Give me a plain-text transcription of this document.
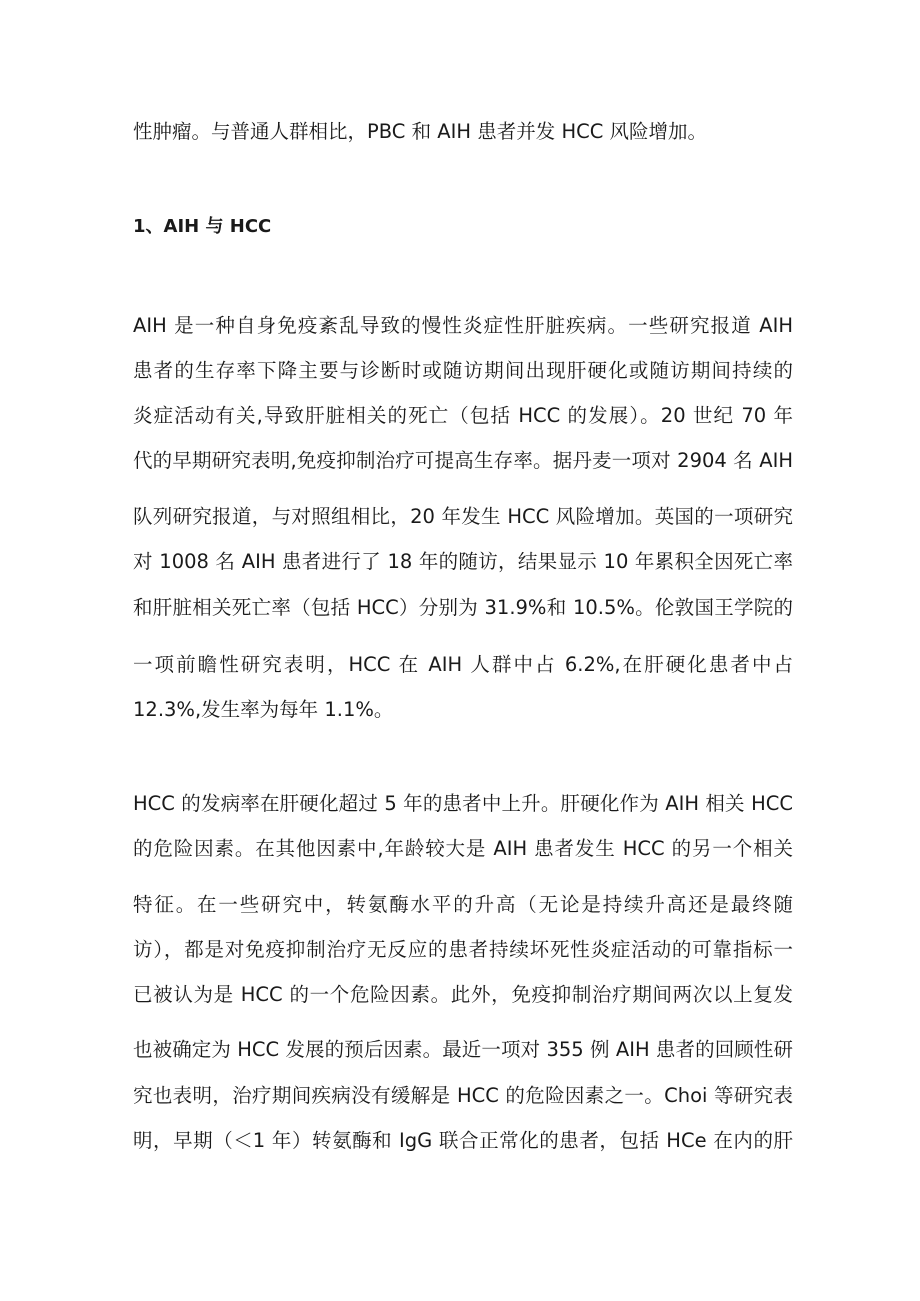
性肿瘤。与普通人群相比，PBC 和 AIH 患者并发 HCC 风险增加。
1、AIH 与 HCC
AIH 是一种自身免疫紊乱导致的慢性炎症性肝脏疾病。一些研究报道 AIH
患者的生存率下降主要与诊断时或随访期间出现肝硬化或随访期间持续的
炎症活动有关,导致肝脏相关的死亡（包括 HCC 的发展）。20 世纪 70 年
代的早期研究表明,免疫抑制治疗可提高生存率。据丹麦一项对 2904 名 AIH
队列研究报道，与对照组相比，20 年发生 HCC 风险增加。英国的一项研究
对 1008 名 AIH 患者进行了 18 年的随访，结果显示 10 年累积全因死亡率
和肝脏相关死亡率（包括 HCC）分别为 31.9%和 10.5%。伦敦国王学院的
一项前瞻性研究表明，HCC 在 AIH 人群中占 6.2%,在肝硬化患者中占
12.3%,发生率为每年 1.1%。
HCC 的发病率在肝硬化超过 5 年的患者中上升。肝硬化作为 AIH 相关 HCC
的危险因素。在其他因素中,年龄较大是 AIH 患者发生 HCC 的另一个相关
特征。在一些研究中，转氨酶水平的升高（无论是持续升高还是最终随
访），都是对免疫抑制治疗无反应的患者持续坏死性炎症活动的可靠指标一
已被认为是 HCC 的一个危险因素。此外，免疫抑制治疗期间两次以上复发
也被确定为 HCC 发展的预后因素。最近一项对 355 例 AIH 患者的回顾性研
究也表明，治疗期间疾病没有缓解是 HCC 的危险因素之一。Choi 等研究表
明，早期（＜1 年）转氨酶和 IgG 联合正常化的患者，包括 HCe 在内的肝
